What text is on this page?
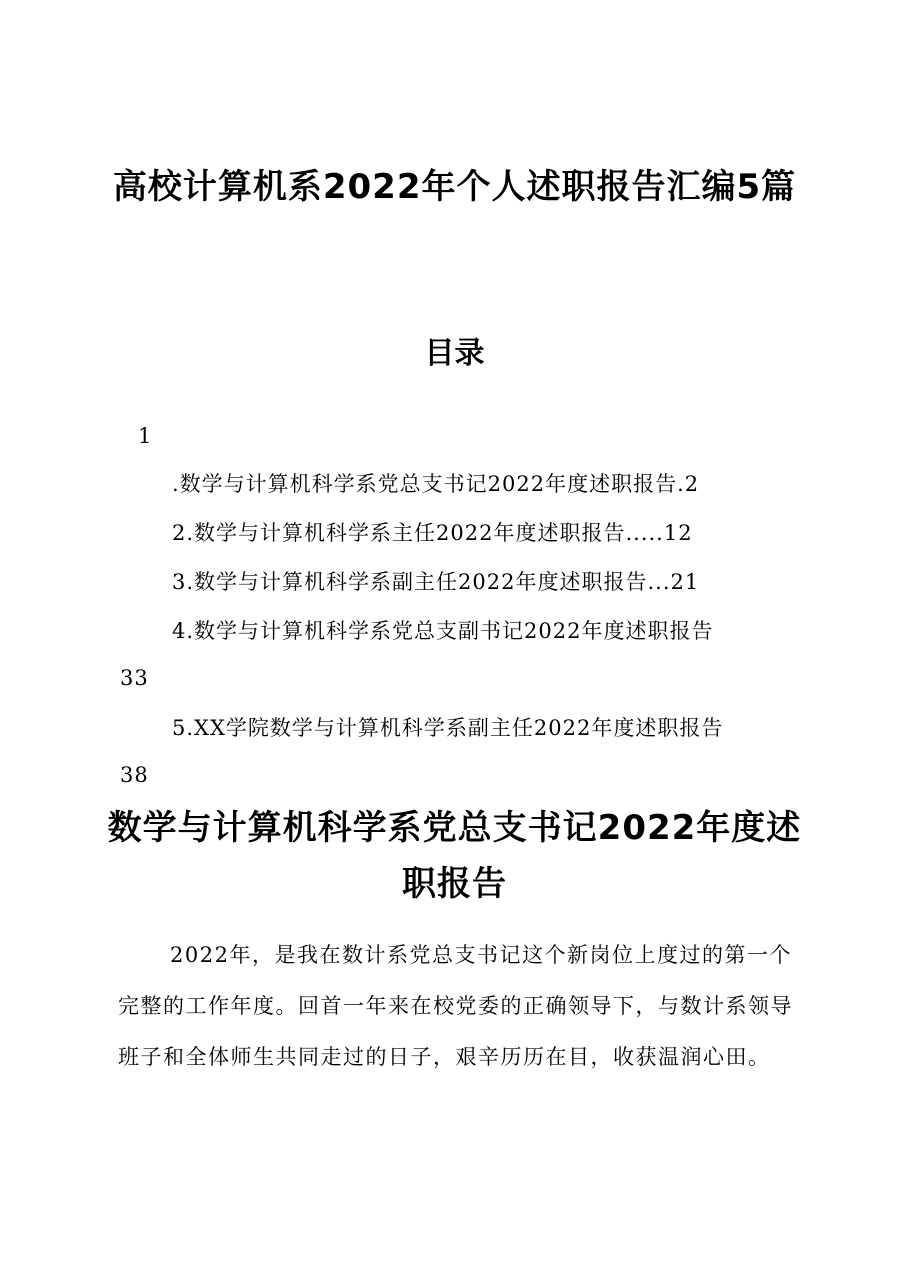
高校计算机系2022年个人述职报告汇编5篇
目录
1
.数学与计算机科学系党总支书记2022年度述职报告.2
2.数学与计算机科学系主任2022年度述职报告.....12
3.数学与计算机科学系副主任2022年度述职报告...21
4.数学与计算机科学系党总支副书记2022年度述职报告
33
5.XX学院数学与计算机科学系副主任2022年度述职报告
38
数学与计算机科学系党总支书记2022年度述
职报告
2022年，是我在数计系党总支书记这个新岗位上度过的第一个完整的工作年度。回首一年来在校党委的正确领导下，与数计系领导班子和全体师生共同走过的日子，艰辛历历在目，收获温润心田。
